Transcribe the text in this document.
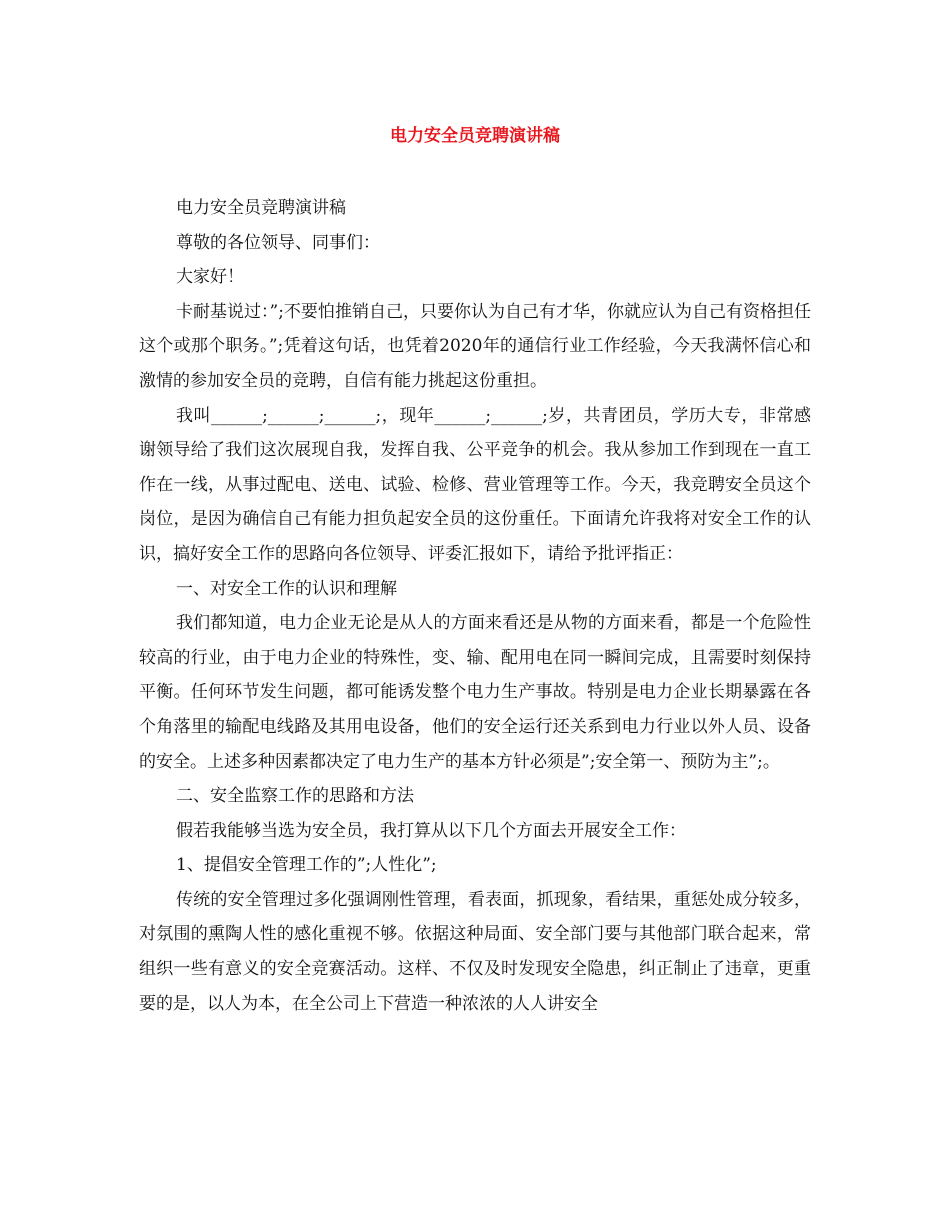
电力安全员竞聘演讲稿

电力安全员竞聘演讲稿

尊敬的各位领导、同事们：

大家好！

卡耐基说过：”;不要怕推销自己，只要你认为自己有才华，你就应认为自己有资格担任这个或那个职务。”;凭着这句话，也凭着2020年的通信行业工作经验，今天我满怀信心和激情的参加安全员的竞聘，自信有能力挑起这份重担。

我叫______;______;______;，现年______;______;岁，共青团员，学历大专，非常感谢领导给了我们这次展现自我，发挥自我、公平竞争的机会。我从参加工作到现在一直工作在一线，从事过配电、送电、试验、检修、营业管理等工作。今天，我竞聘安全员这个岗位，是因为确信自己有能力担负起安全员的这份重任。下面请允许我将对安全工作的认识，搞好安全工作的思路向各位领导、评委汇报如下，请给予批评指正：

一、对安全工作的认识和理解

我们都知道，电力企业无论是从人的方面来看还是从物的方面来看，都是一个危险性较高的行业，由于电力企业的特殊性，变、输、配用电在同一瞬间完成，且需要时刻保持平衡。任何环节发生问题，都可能诱发整个电力生产事故。特别是电力企业长期暴露在各个角落里的输配电线路及其用电设备，他们的安全运行还关系到电力行业以外人员、设备的安全。上述多种因素都决定了电力生产的基本方针必须是”;安全第一、预防为主”;。

二、安全监察工作的思路和方法

假若我能够当选为安全员，我打算从以下几个方面去开展安全工作：

1、提倡安全管理工作的”;人性化”;

传统的安全管理过多化强调刚性管理，看表面，抓现象，看结果，重惩处成分较多，对氛围的熏陶人性的感化重视不够。依据这种局面、安全部门要与其他部门联合起来，常组织一些有意义的安全竞赛活动。这样、不仅及时发现安全隐患，纠正制止了违章，更重要的是，以人为本，在全公司上下营造一种浓浓的人人讲安全
